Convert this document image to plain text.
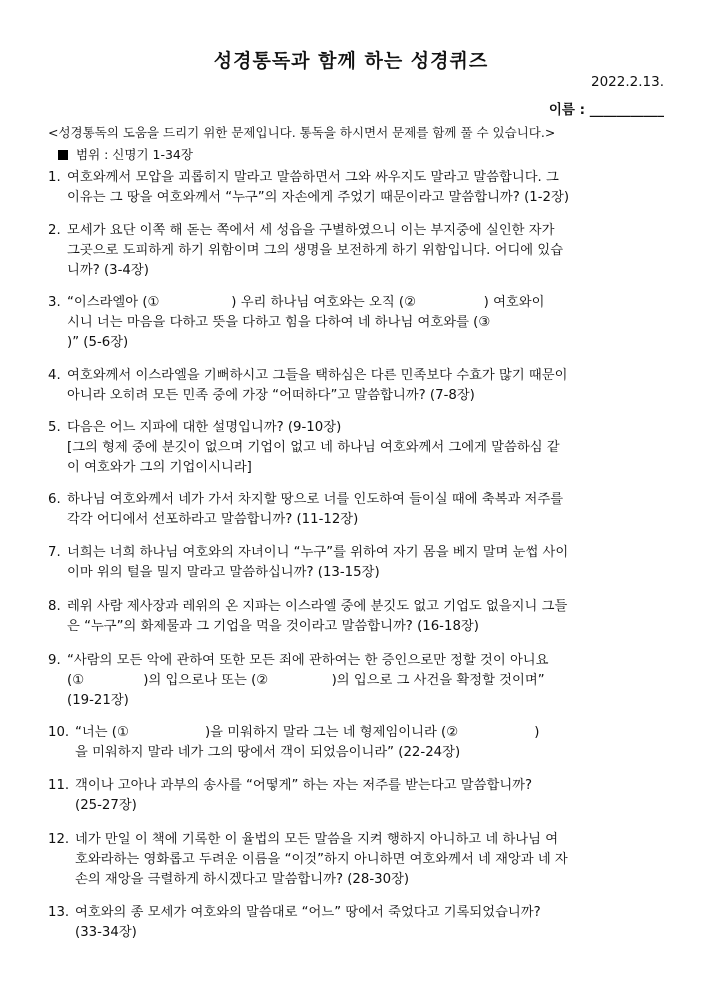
성경통독과 함께 하는 성경퀴즈
2022.2.13.
이름 : ___________
<성경통독의 도움을 드리기 위한 문제입니다. 통독을 하시면서 문제를 함께 풀 수 있습니다.>
범위 : 신명기 1-34장
1. 여호와께서 모압을 괴롭히지 말라고 말씀하면서 그와 싸우지도 말라고 말씀합니다. 그
이유는 그 땅을 여호와께서 “누구”의 자손에게 주었기 때문이라고 말씀합니까? (1-2장)
2. 모세가 요단 이쪽 해 돋는 쪽에서 세 성읍을 구별하였으니 이는 부지중에 실인한 자가
그곳으로 도피하게 하기 위함이며 그의 생명을 보전하게 하기 위함입니다. 어디에 있습
니까? (3-4장)
3. “이스라엘아 (①                 ) 우리 하나님 여호와는 오직 (②                ) 여호와이
시니 너는 마음을 다하고 뜻을 다하고 힘을 다하여 네 하나님 여호와를 (③
)” (5-6장)
4. 여호와께서 이스라엘을 기뻐하시고 그들을 택하심은 다른 민족보다 수효가 많기 때문이
아니라 오히려 모든 민족 중에 가장 “어떠하다”고 말씀합니까? (7-8장)
5. 다음은 어느 지파에 대한 설명입니까? (9-10장)
[그의 형제 중에 분깃이 없으며 기업이 없고 네 하나님 여호와께서 그에게 말씀하심 같
이 여호와가 그의 기업이시니라]
6. 하나님 여호와께서 네가 가서 차지할 땅으로 너를 인도하여 들이실 때에 축복과 저주를
각각 어디에서 선포하라고 말씀합니까? (11-12장)
7. 너희는 너희 하나님 여호와의 자녀이니 “누구”를 위하여 자기 몸을 베지 말며 눈썹 사이
이마 위의 털을 밀지 말라고 말씀하십니까? (13-15장)
8. 레위 사람 제사장과 레위의 온 지파는 이스라엘 중에 분깃도 없고 기업도 없을지니 그들
은 “누구”의 화제물과 그 기업을 먹을 것이라고 말씀합니까? (16-18장)
9. “사람의 모든 악에 관하여 또한 모든 죄에 관하여는 한 증인으로만 정할 것이 아니요
(①              )의 입으로나 또는 (②               )의 입으로 그 사건을 확정할 것이며”
(19-21장)
10. “너는 (①                  )을 미워하지 말라 그는 네 형제임이니라 (②                  )
을 미워하지 말라 네가 그의 땅에서 객이 되었음이니라” (22-24장)
11. 객이나 고아나 과부의 송사를 “어떻게” 하는 자는 저주를 받는다고 말씀합니까?
(25-27장)
12. 네가 만일 이 책에 기록한 이 율법의 모든 말씀을 지켜 행하지 아니하고 네 하나님 여
호와라하는 영화롭고 두려운 이름을 “이것”하지 아니하면 여호와께서 네 재앙과 네 자
손의 재앙을 극렬하게 하시겠다고 말씀합니까? (28-30장)
13. 여호와의 종 모세가 여호와의 말씀대로 “어느” 땅에서 죽었다고 기록되었습니까?
(33-34장)
